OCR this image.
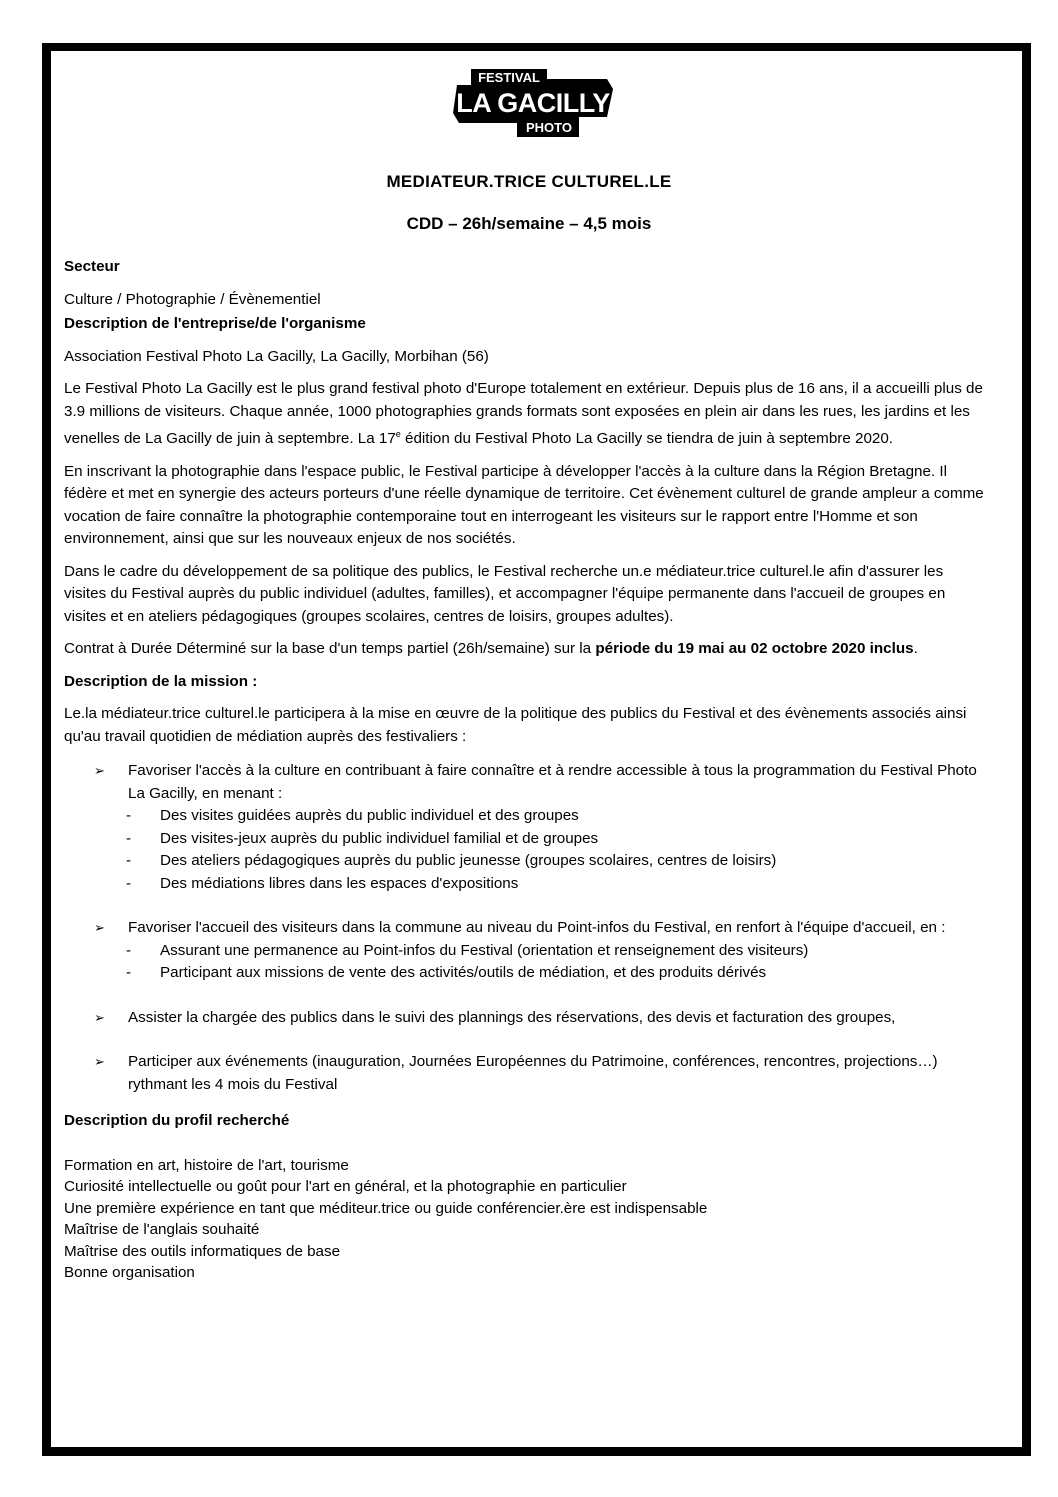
FESTIVAL
LA GACILLY
PHOTO
MEDIATEUR.TRICE CULTUREL.LE
CDD – 26h/semaine – 4,5 mois

Secteur

Culture / Photographie / Évènementiel

Description de l'entreprise/de l'organisme

Association Festival Photo La Gacilly, La Gacilly, Morbihan (56)

Le Festival Photo La Gacilly est le plus grand festival photo d'Europe totalement en extérieur. Depuis plus de 16 ans, il a accueilli plus de 3.9 millions de visiteurs. Chaque année, 1000 photographies grands formats sont exposées en plein air dans les rues, les jardins et les venelles de La Gacilly de juin à septembre. La 17e édition du Festival Photo La Gacilly se tiendra de juin à septembre 2020.

En inscrivant la photographie dans l'espace public, le Festival participe à développer l'accès à la culture dans la Région Bretagne. Il fédère et met en synergie des acteurs porteurs d'une réelle dynamique de territoire. Cet évènement culturel de grande ampleur a comme vocation de faire connaître la photographie contemporaine tout en interrogeant les visiteurs sur le rapport entre l'Homme et son environnement, ainsi que sur les nouveaux enjeux de nos sociétés.

Dans le cadre du développement de sa politique des publics, le Festival recherche un.e médiateur.trice culturel.le afin d'assurer les visites du Festival auprès du public individuel (adultes, familles), et accompagner l'équipe permanente dans l'accueil de groupes en visites et en ateliers pédagogiques (groupes scolaires, centres de loisirs, groupes adultes).

Contrat à Durée Déterminé sur la base d'un temps partiel (26h/semaine) sur la période du 19 mai au 02 octobre 2020 inclus.

Description de la mission :

Le.la médiateur.trice culturel.le participera à la mise en œuvre de la politique des publics du Festival et des évènements associés ainsi qu'au travail quotidien de médiation auprès des festivaliers :

➢ Favoriser l'accès à la culture en contribuant à faire connaître et à rendre accessible à tous la programmation du Festival Photo La Gacilly, en menant :
- Des visites guidées auprès du public individuel et des groupes
- Des visites-jeux auprès du public individuel familial et de groupes
- Des ateliers pédagogiques auprès du public jeunesse (groupes scolaires, centres de loisirs)
- Des médiations libres dans les espaces d'expositions
➢ Favoriser l'accueil des visiteurs dans la commune au niveau du Point-infos du Festival, en renfort à l'équipe d'accueil, en :
- Assurant une permanence au Point-infos du Festival (orientation et renseignement des visiteurs)
- Participant aux missions de vente des activités/outils de médiation, et des produits dérivés
➢ Assister la chargée des publics dans le suivi des plannings des réservations, des devis et facturation des groupes,
➢ Participer aux événements (inauguration, Journées Européennes du Patrimoine, conférences, rencontres, projections…) rythmant les 4 mois du Festival

Description du profil recherché

Formation en art, histoire de l'art, tourisme
Curiosité intellectuelle ou goût pour l'art en général, et la photographie en particulier
Une première expérience en tant que méditeur.trice ou guide conférencier.ère est indispensable
Maîtrise de l'anglais souhaité
Maîtrise des outils informatiques de base
Bonne organisation
